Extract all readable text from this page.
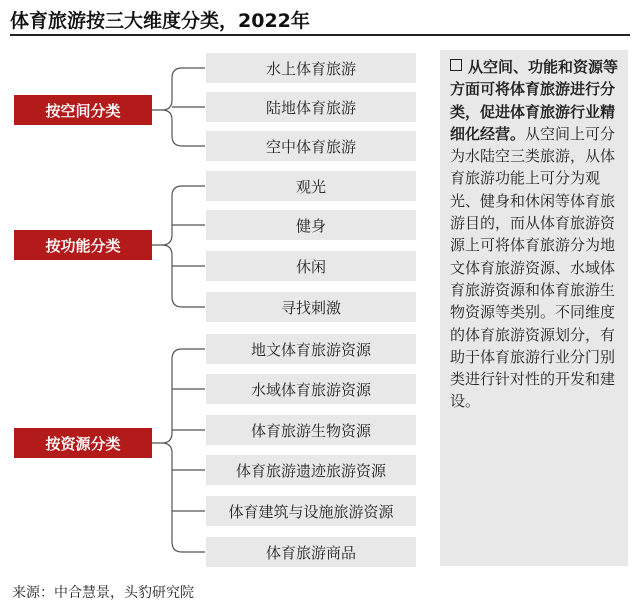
体育旅游按三大维度分类，2022年
按空间分类
按功能分类
按资源分类
水上体育旅游
陆地体育旅游
空中体育旅游
观光
健身
休闲
寻找刺激
地文体育旅游资源
水域体育旅游资源
体育旅游生物资源
体育旅游遗迹旅游资源
体育建筑与设施旅游资源
体育旅游商品
从空间、功能和资源等方面可将体育旅游进行分类，促进体育旅游行业精细化经营。从空间上可分为水陆空三类旅游，从体育旅游功能上可分为观光、健身和休闲等体育旅游目的，而从体育旅游资源上可将体育旅游分为地文体育旅游资源、水域体育旅游资源和体育旅游生物资源等类别。不同维度的体育旅游资源划分，有助于体育旅游行业分门别类进行针对性的开发和建设。
来源：中合慧景，头豹研究院
